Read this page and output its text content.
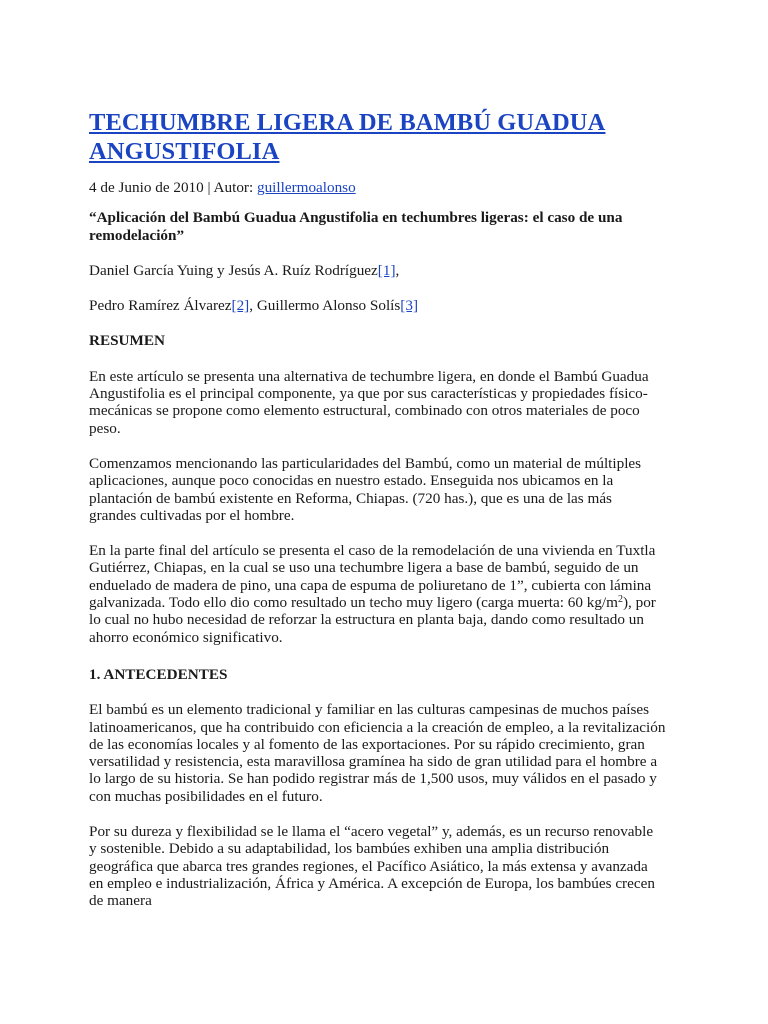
TECHUMBRE LIGERA DE BAMBÚ GUADUA ANGUSTIFOLIA

4 de Junio de 2010 | Autor: guillermoalonso

“Aplicación del Bambú Guadua Angustifolia en techumbres ligeras: el caso de una remodelación”

Daniel García Yuing y Jesús A. Ruíz Rodríguez[1],

Pedro Ramírez Álvarez[2], Guillermo Alonso Solís[3]

RESUMEN

En este artículo se presenta una alternativa de techumbre ligera, en donde el Bambú Guadua Angustifolia es el principal componente, ya que por sus características y propiedades físico-mecánicas se propone como elemento estructural, combinado con otros materiales de poco peso.

Comenzamos mencionando las particularidades del Bambú, como un material de múltiples aplicaciones, aunque poco conocidas en nuestro estado. Enseguida nos ubicamos en la plantación de bambú existente en Reforma, Chiapas. (720 has.), que es una de las más grandes cultivadas por el hombre.

En la parte final del artículo se presenta el caso de la remodelación de una vivienda en Tuxtla Gutiérrez, Chiapas, en la cual se uso una techumbre ligera a base de bambú, seguido de un enduelado de madera de pino, una capa de espuma de poliuretano de 1”, cubierta con lámina galvanizada. Todo ello dio como resultado un techo muy ligero (carga muerta: 60 $kg/m^2$), por lo cual no hubo necesidad de reforzar la estructura en planta baja, dando como resultado un ahorro económico significativo.

1. ANTECEDENTES

El bambú es un elemento tradicional y familiar en las culturas campesinas de muchos países latinoamericanos, que ha contribuido con eficiencia a la creación de empleo, a la revitalización de las economías locales y al fomento de las exportaciones. Por su rápido crecimiento, gran versatilidad y resistencia, esta maravillosa gramínea ha sido de gran utilidad para el hombre a lo largo de su historia. Se han podido registrar más de 1,500 usos, muy válidos en el pasado y con muchas posibilidades en el futuro.

Por su dureza y flexibilidad se le llama el “acero vegetal” y, además, es un recurso renovable y sostenible. Debido a su adaptabilidad, los bambúes exhiben una amplia distribución geográfica que abarca tres grandes regiones, el Pacífico Asiático, la más extensa y avanzada en empleo e industrialización, África y América. A excepción de Europa, los bambúes crecen de manera
